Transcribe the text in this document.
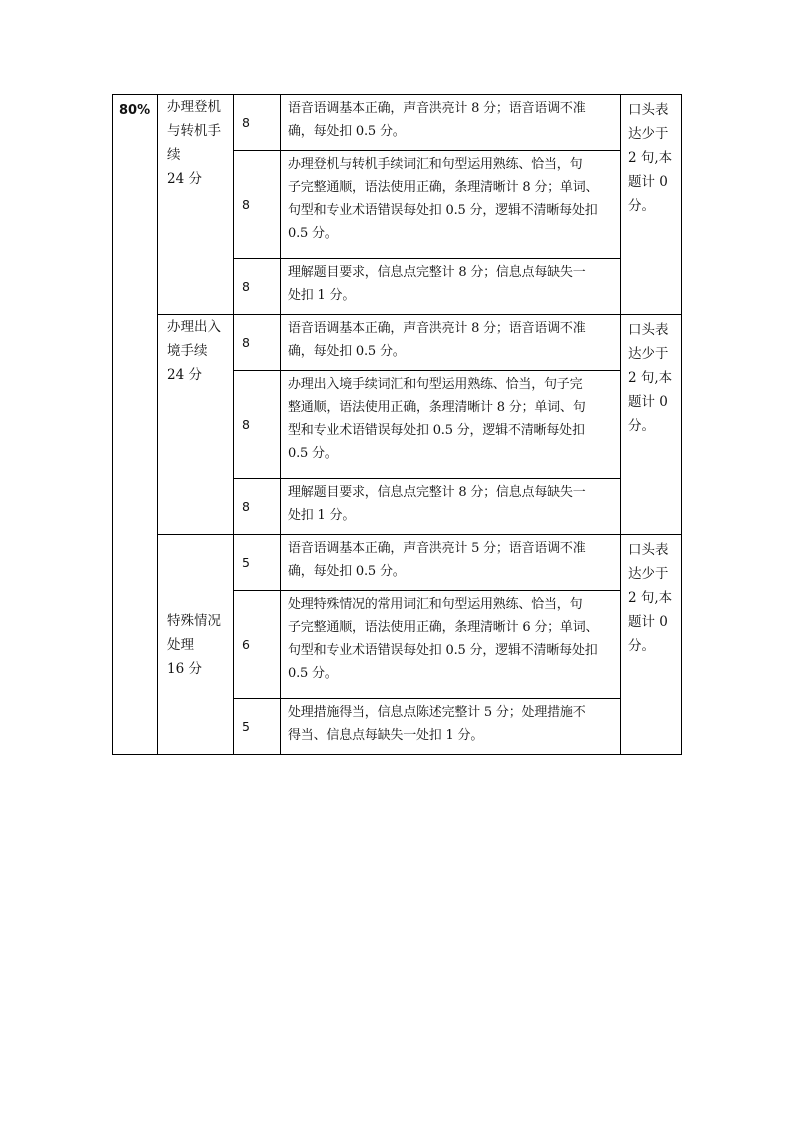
80%	办理登机
与转机手
续
24 分	8	语音语调基本正确，声音洪亮计 8 分；语音语调不准
确，每处扣 0.5 分。	口头表
达少于
2 句,本
题计 0
分。

		8	办理登机与转机手续词汇和句型运用熟练、恰当，句
子完整通顺，语法使用正确，条理清晰计 8 分；单词、
句型和专业术语错误每处扣 0.5 分，逻辑不清晰每处扣
0.5 分。	

		8	理解题目要求，信息点完整计 8 分；信息点每缺失一
处扣 1 分。	

	办理出入
境手续
24 分	8	语音语调基本正确，声音洪亮计 8 分；语音语调不准
确，每处扣 0.5 分。	口头表
达少于
2 句,本
题计 0
分。

		8	办理出入境手续词汇和句型运用熟练、恰当，句子完
整通顺，语法使用正确，条理清晰计 8 分；单词、句
型和专业术语错误每处扣 0.5 分，逻辑不清晰每处扣
0.5 分。	

		8	理解题目要求，信息点完整计 8 分；信息点每缺失一
处扣 1 分。	

	特殊情况
处理
16 分	5	语音语调基本正确，声音洪亮计 5 分；语音语调不准
确，每处扣 0.5 分。	口头表
达少于
2 句,本
题计 0
分。

		6	处理特殊情况的常用词汇和句型运用熟练、恰当，句
子完整通顺，语法使用正确，条理清晰计 6 分；单词、
句型和专业术语错误每处扣 0.5 分，逻辑不清晰每处扣
0.5 分。	

		5	处理措施得当，信息点陈述完整计 5 分；处理措施不
得当、信息点每缺失一处扣 1 分。	
